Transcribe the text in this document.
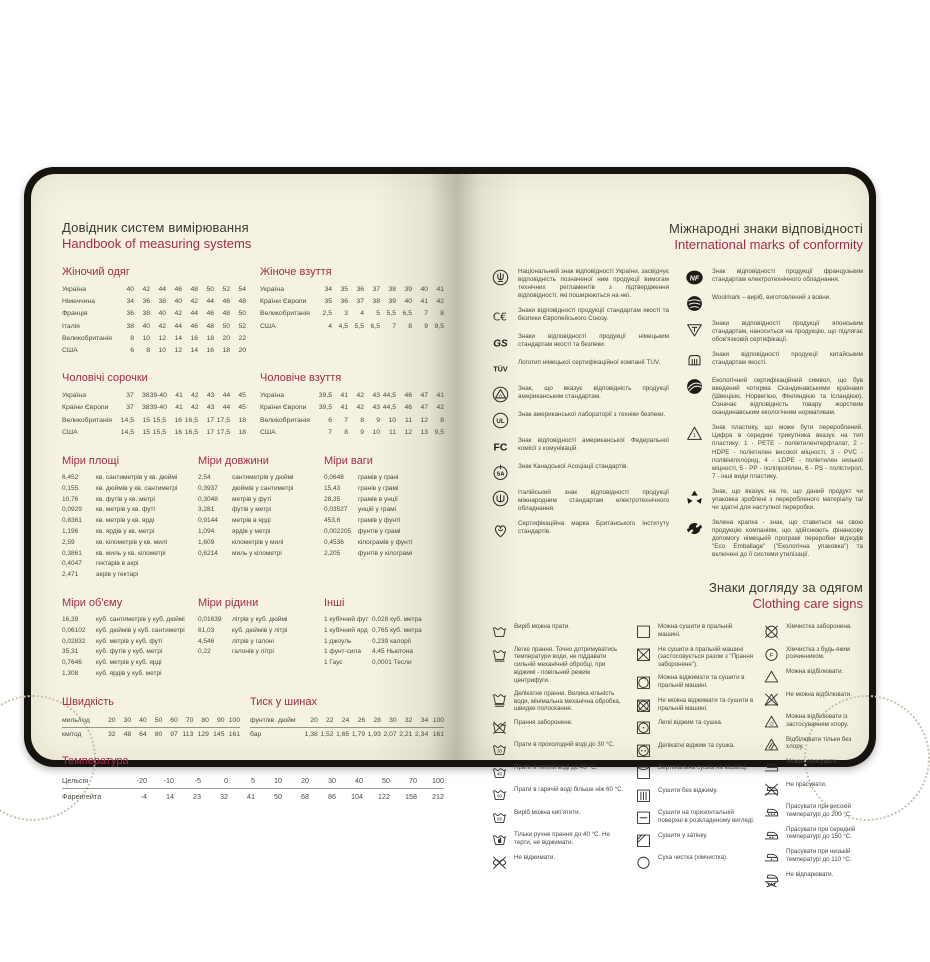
Довідник систем вимірювання
Handbook of measuring systems
Жіночий одяг
Україна	40	42	44	46	48	50	52	54
Німеччина	34	36	38	40	42	44	46	48
Франція	36	38	40	42	44	46	48	50
Італія	38	40	42	44	46	48	50	52
Великобританія	8	10	12	14	16	18	20	22
США	6	8	10	12	14	16	18	20
Жіноче взуття
Україна	34	35	36	37	38	39	40	41
Країни Європи	35	36	37	38	39	40	41	42
Великобританія	2,5	3	4	5 5,5 6,5	7	8
США	4 4,5 5,5 6,5	7	8	9 9,5
Чоловічі сорочки
Україна	37	38 39-40	41	42	43	44	45
Країни Європи	37	38 39-40	41	42	43	44	45
Великобританія	14,5	15 15,5	16 16,5	17 17,5	18
США	14,5	15 15,5	16 16,5	17 17,5	18
Чоловіче взуття
Україна	39,5	41	42	43 44,5	46	47	41
Країни Європи	39,5	41	42	43 44,5	46	47	42
Великобританія	6	7	8	9	10	11	12	8
США	7	8	9	10	11	12	13 9,5
Міри площі
6,452	кв. сантиметрів у кв. дюймі
0,155	кв. дюймів у кв. сантиметрі
10,76	кв. футів у кв. метрі
0,0929	кв. метрів у кв. футі
0,8361	кв. метрів у кв. ярді
1,196	кв. ярдів у кв. метрі
2,59	кв. кілометрів у кв. милі
0,3861	кв. миль у кв. кілометрі
0,4047	гектарів в акрі
2,471	акрів у гектарі
Міри довжини
2,54	сантиметрів у дюймі
0,3937	дюймів у сантиметрі
0,3048	метрів у футі
3,281	футів у метрі
0,9144	метрів в ярді
1,094	ярдів у метрі
1,609	кілометрів у милі
0,6214	миль у кілометрі
Міри ваги
0,0648	грамів у грані
15,43	гранів у грамі
28,35	грамів в унції
0,03527	унцій у грамі
453,6	грамів у фунті
0,002205	фунтів у грамі
0,4536	кілограмів у фунті
2,205	фунтів у кілограмі
Міри об'єму
16,39	куб. сантиметрів у куб. дюймі
0,06102	куб. дюймів у куб. сантиметрі
0,02832	куб. метрів у куб. футі
35,31	куб. футів у куб. метрі
0,7646	куб. метрів у куб. ярді
1,308	куб. ярдів у куб. метрі
Міри рідини
0,01639	літрів у куб. дюймі
61,03	куб. дюймів у літрі
4,546	літрів у галоні
0,22	галонів у літрі
Інші
1 кубічний фут 0,028 куб. метра
1 кубічний ярд 0,765 куб. метра
1 джоуль	0,239 калорії
1 фунт-сила	4,45 Ньютона
1 Гаус	0,0001 Тесли
Швидкість
миль/год	20	30	40	50	60	70	80	90 100
км/год	32	48	64	80	97 113 129 145 161
Тиск у шинах
фунт/кв. дюйм	20	22	24	26	28	30	32	34 100
бар	1,38 1,52 1,65 1,79 1,93 2,07 2,21 2,34 161
Температура
Цельсія	-20	-10	-5	0	5	10	20	30	40	50	70	100
Фаренгейта	-4	14	23	32	41	50	68	86	104	122	158	212
Міжнародні знаки відповідності
International marks of conformity
Національний знак відповідності України, засвідчує відповідність позначеної ним продукції вимогам технічних регламентів з підтвердження відповідності, які поширюються на неї.
C€
Знаки відповідності продукції стандартам якості та безпеки Європейського Союзу.
GS
Знаки відповідності продукції німецьким стандартам якості та безпеки.
TÜV
Логотип німецької сертифікаційної компанії TUV.
A
Знак, що вказує відповідність продукції американським стандартам.
UL
Знак американської лабораторії з техніки безпеки.
FC
Знак відповідності американської Федеральної комісії з комунікацій.
SA
Знак Канадської Асоціації стандартів.
Італійський знак відповідності продукції міжнародним стандартам електротехнічного обладнання.
Сертифікаційна марка Британського інституту стандартів.
NF
Знак відповідності продукції французьким стандартам електротехнічного обладнання.
Woolmark – виріб, виготовлений з вовни.
Знаки відповідності продукції японським стандартам, наноситься на продукцію, що підлягає обов'язковій сертифікації.
Знаки відповідності продукції китайським стандартам якості.
Екологічний сертифікаційний символ, що був введений чотирма Скандинавськими країнами (Швецією, Норвегією, Фінляндією та Ісландією). Означає відповідність товару жорстким скандинавським екологічним нормативам.
1
Знак пластику, що може бути перероблений. Цифра в середині трикутника вказує на тип пластику: 1 - PETE - поліетилентерфталат, 2 - HDPE - поліетилен високої міцності, 3 - PVC - полівінілхлорид, 4 - LDPE - поліетилен низької міцності, 5 - PP - поліпропілен, 6 - PS - полістирол, 7 - інші види пластику.
Знак, що вказує на те, що даний продукт чи упаковка зроблені з переробленого матеріалу та/чи здатні для наступної переробки.
Зелена крапка - знак, що ставиться на свою продукцію компаніям, що здійснюють фінансову допомогу німецькій програмі переробки відходів "Eco Emballage" ("Екологічна упаковка") та включені до її системи утилізації.
Знаки догляду за одягом
Clothing care signs
Виріб можна прати.
Легке прання. Точно дотримуватись температури води, не піддавати сильній механічній обробці, при віджимі - повільний режим центрифуги.
Делікатне прання. Велика кількість води, мінімальна механічна обробка, швидке полоскання.
Прання заборонене.
30
Прати в прохолодній воді до 30 °С.
40
Прати в теплій воді до 40 °С.
60
Прати в гарячій воді більше ніж 60 °С.
95
Виріб можна кип'ятити.
Тільки ручне прання до 40 °С. Не терти, не віджимати.
Не віджимати.
Можна сушити в пральній машині.
Не сушити в пральній машині (застосовується разом з "Прання заборонене").
Можна віджимати та сушити в пральній машині.
Не можна віджимати та сушити в пральній машині.
Легкі віджим та сушка.
Делікатні віджим та сушка.
Вертикальна сушка на вішалці.
Сушити без віджиму.
Сушити на горизонтальній поверхні в розкладеному вигляді.
Сушити у затінку.
Суха чистка (хімчистка).
Хімчистка заборонена.
F
Хімчистка з будь-яким розчинником.
Можна відбілювати.
Не можна відбілювати.
Cl
Можна відбілювати із застосуванням хлору.
Відбілювати тільки без хлору.
Можна прасувати.
Не прасувати.
Прасувати при високій температурі до 200 °С.
Прасувати при середній температурі до 150 °С.
Прасувати при низькій температурі до 110 °С.
Не відпарювати.
